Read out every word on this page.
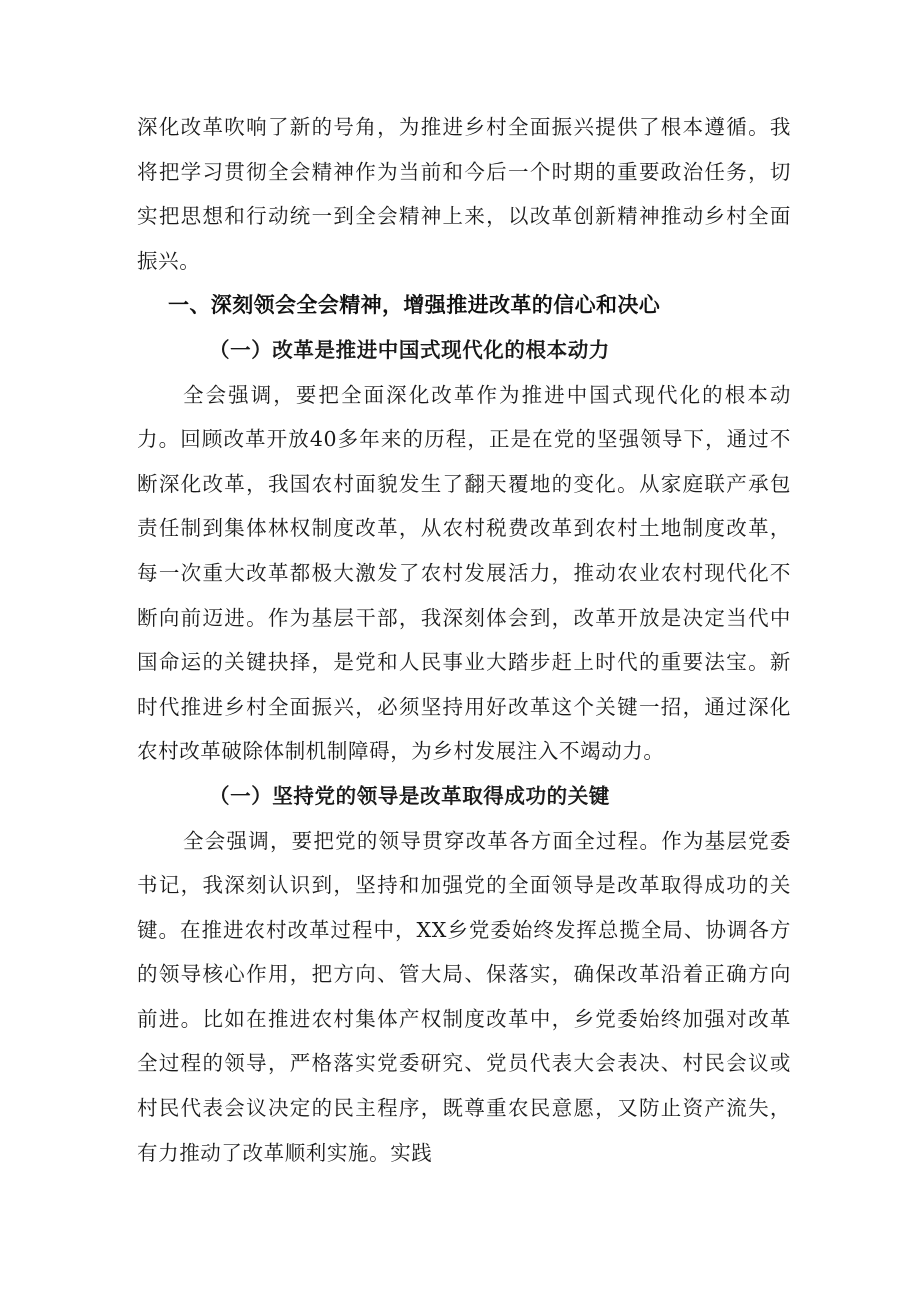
深化改革吹响了新的号角，为推进乡村全面振兴提供了根本遵循。我将把学习贯彻全会精神作为当前和今后一个时期的重要政治任务，切实把思想和行动统一到全会精神上来，以改革创新精神推动乡村全面振兴。

一、深刻领会全会精神，增强推进改革的信心和决心
（一）改革是推进中国式现代化的根本动力

全会强调，要把全面深化改革作为推进中国式现代化的根本动力。回顾改革开放40多年来的历程，正是在党的坚强领导下，通过不断深化改革，我国农村面貌发生了翻天覆地的变化。从家庭联产承包责任制到集体林权制度改革，从农村税费改革到农村土地制度改革，每一次重大改革都极大激发了农村发展活力，推动农业农村现代化不断向前迈进。作为基层干部，我深刻体会到，改革开放是决定当代中国命运的关键抉择，是党和人民事业大踏步赶上时代的重要法宝。新时代推进乡村全面振兴，必须坚持用好改革这个关键一招，通过深化农村改革破除体制机制障碍，为乡村发展注入不竭动力。

（一）坚持党的领导是改革取得成功的关键

全会强调，要把党的领导贯穿改革各方面全过程。作为基层党委书记，我深刻认识到，坚持和加强党的全面领导是改革取得成功的关键。在推进农村改革过程中，XX乡党委始终发挥总揽全局、协调各方的领导核心作用，把方向、管大局、保落实，确保改革沿着正确方向前进。比如在推进农村集体产权制度改革中，乡党委始终加强对改革全过程的领导，严格落实党委研究、党员代表大会表决、村民会议或村民代表会议决定的民主程序，既尊重农民意愿，又防止资产流失，有力推动了改革顺利实施。实践
